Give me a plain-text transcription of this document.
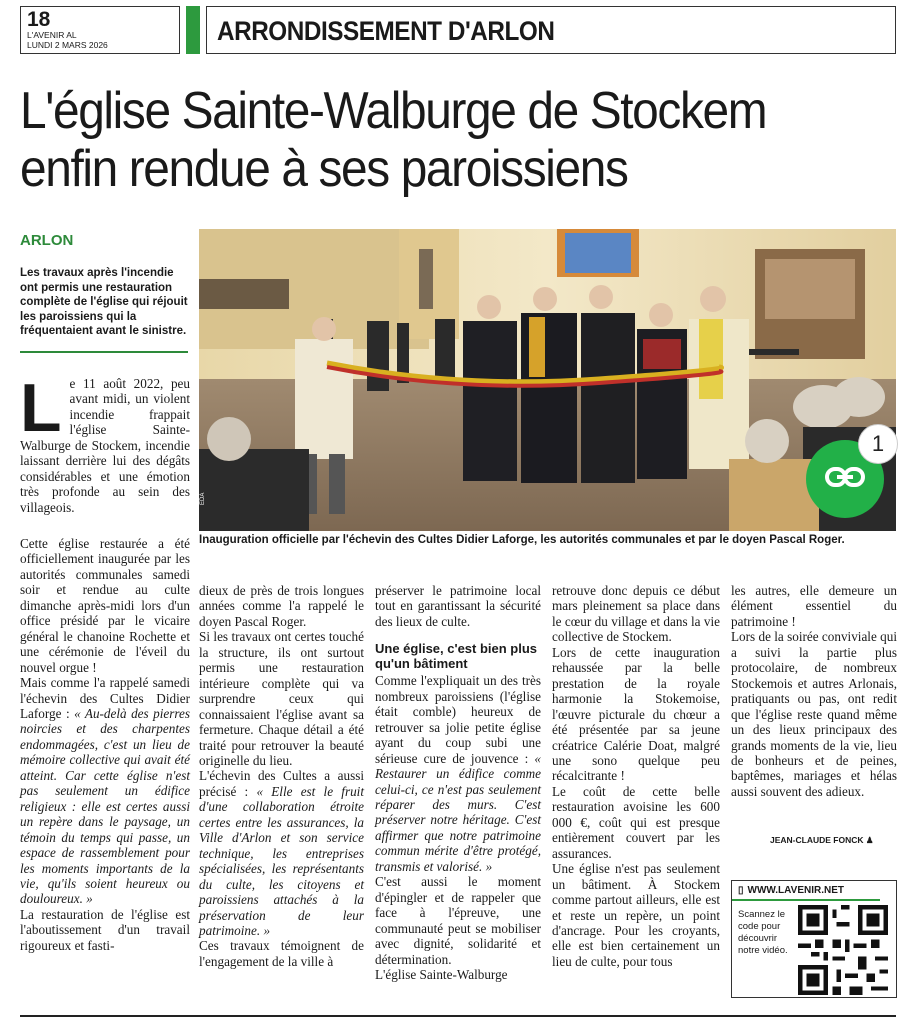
18
L'AVENIR AL
LUNDI 2 MARS 2026	ARRONDISSEMENT D'ARLON
L'église Sainte-Walburge de Stockem enfin rendue à ses paroissiens
ARLON
Les travaux après l'incendie ont permis une restauration complète de l'église qui réjouit les paroissiens qui la fréquentaient avant le sinistre.
EDA
1
Inauguration officielle par l'échevin des Cultes Didier Laforge, les autorités communales et par le doyen Pascal Roger.

Le 11 août 2022, peu avant midi, un violent incendie frappait l'église Sainte-Walburge de Stockem, incendie laissant derrière lui des dégâts considérables et une émotion très profonde au sein des villageois.

Cette église restaurée a été officiellement inaugurée par les autorités communales samedi soir et rendue au culte dimanche après-midi lors d'un office présidé par le vicaire général le chanoine Rochette et une cérémonie de l'éveil du nouvel orgue !

Mais comme l'a rappelé samedi l'échevin des Cultes Didier Laforge : « Au-delà des pierres noircies et des charpentes endommagées, c'est un lieu de mémoire collective qui avait été atteint. Car cette église n'est pas seulement un édifice religieux : elle est certes aussi un repère dans le paysage, un témoin du temps qui passe, un espace de rassemblement pour les moments importants de la vie, qu'ils soient heureux ou douloureux. »

La restauration de l'église est l'aboutissement d'un travail rigoureux et fasti-

dieux de près de trois longues années comme l'a rappelé le doyen Pascal Roger.

Si les travaux ont certes touché la structure, ils ont surtout permis une restauration intérieure complète qui va surprendre ceux qui connaissaient l'église avant sa fermeture. Chaque détail a été traité pour retrouver la beauté originelle du lieu.

L'échevin des Cultes a aussi précisé : « Elle est le fruit d'une collaboration étroite certes entre les assurances, la Ville d'Arlon et son service technique, les entreprises spécialisées, les représentants du culte, les citoyens et paroissiens attachés à la préservation de leur patrimoine. »

Ces travaux témoignent de l'engagement de la ville à

préserver le patrimoine local tout en garantissant la sécurité des lieux de culte.

Une église, c'est bien plus qu'un bâtiment

Comme l'expliquait un des très nombreux paroissiens (l'église était comble) heureux de retrouver sa jolie petite église ayant du coup subi une sérieuse cure de jouvence : « Restaurer un édifice comme celui-ci, ce n'est pas seulement réparer des murs. C'est préserver notre héritage. C'est affirmer que notre patrimoine commun mérite d'être protégé, transmis et valorisé. »

C'est aussi le moment d'épingler et de rappeler que face à l'épreuve, une communauté peut se mobiliser avec dignité, solidarité et détermination.

L'église Sainte-Walburge

retrouve donc depuis ce début mars pleinement sa place dans le cœur du village et dans la vie collective de Stockem.

Lors de cette inauguration rehaussée par la belle prestation de la royale harmonie la Stokemoise, l'œuvre picturale du chœur a été présentée par sa jeune créatrice Calérie Doat, malgré une sono quelque peu récalcitrante !

Le coût de cette belle restauration avoisine les 600 000 €, coût qui est presque entièrement couvert par les assurances.

Une église n'est pas seulement un bâtiment. À Stockem comme partout ailleurs, elle est et reste un repère, un point d'ancrage. Pour les croyants, elle est bien certainement un lieu de culte, pour tous

les autres, elle demeure un élément essentiel du patrimoine !

Lors de la soirée conviviale qui a suivi la partie plus protocolaire, de nombreux Stockemois et autres Arlonais, pratiquants ou pas, ont redit que l'église reste quand même un des lieux principaux des grands moments de la vie, lieu de bonheurs et de peines, baptêmes, mariages et hélas aussi souvent des adieux.

JEAN-CLAUDE FONCK ♟
▯ WWW.LAVENIR.NET
Scannez le code pour découvrir notre vidéo.
